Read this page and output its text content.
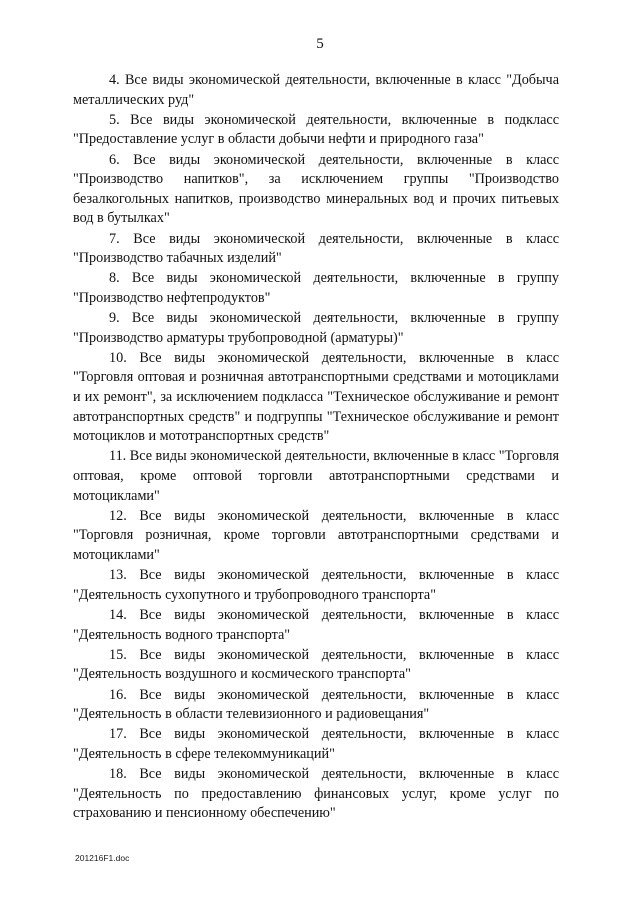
5

4. Все виды экономической деятельности, включенные в класс "Добыча металлических руд"

5. Все виды экономической деятельности, включенные в подкласс "Предоставление услуг в области добычи нефти и природного газа"

6. Все виды экономической деятельности, включенные в класс "Производство напитков", за исключением группы "Производство безалкогольных напитков, производство минеральных вод и прочих питьевых вод в бутылках"

7. Все виды экономической деятельности, включенные в класс "Производство табачных изделий"

8. Все виды экономической деятельности, включенные в группу "Производство нефтепродуктов"

9. Все виды экономической деятельности, включенные в группу "Производство арматуры трубопроводной (арматуры)"

10. Все виды экономической деятельности, включенные в класс "Торговля оптовая и розничная автотранспортными средствами и мотоциклами и их ремонт", за исключением подкласса "Техническое обслуживание и ремонт автотранспортных средств" и подгруппы "Техническое обслуживание и ремонт мотоциклов и мототранспортных средств"

11. Все виды экономической деятельности, включенные в класс "Торговля оптовая, кроме оптовой торговли автотранспортными средствами и мотоциклами"

12. Все виды экономической деятельности, включенные в класс "Торговля розничная, кроме торговли автотранспортными средствами и мотоциклами"

13. Все виды экономической деятельности, включенные в класс "Деятельность сухопутного и трубопроводного транспорта"

14. Все виды экономической деятельности, включенные в класс "Деятельность водного транспорта"

15. Все виды экономической деятельности, включенные в класс "Деятельность воздушного и космического транспорта"

16. Все виды экономической деятельности, включенные в класс "Деятельность в области телевизионного и радиовещания"

17. Все виды экономической деятельности, включенные в класс "Деятельность в сфере телекоммуникаций"

18. Все виды экономической деятельности, включенные в класс "Деятельность по предоставлению финансовых услуг, кроме услуг по страхованию и пенсионному обеспечению"

201216F1.doc
